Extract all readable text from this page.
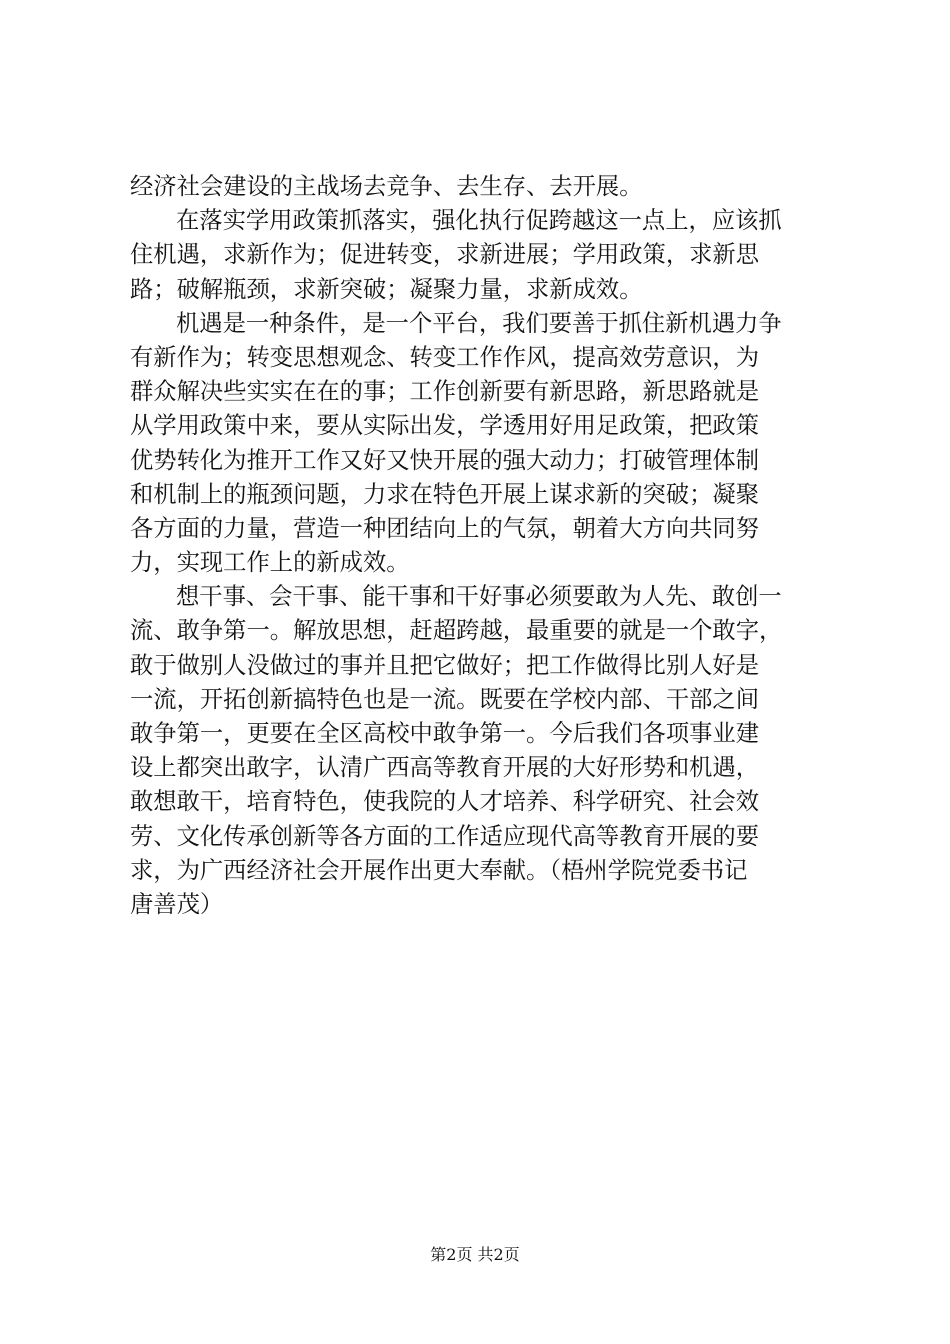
经济社会建设的主战场去竞争、去生存、去开展。
在落实学用政策抓落实，强化执行促跨越这一点上，应该抓
住机遇，求新作为；促进转变，求新进展；学用政策，求新思
路；破解瓶颈，求新突破；凝聚力量，求新成效。
机遇是一种条件，是一个平台，我们要善于抓住新机遇力争
有新作为；转变思想观念、转变工作作风，提高效劳意识，为
群众解决些实实在在的事；工作创新要有新思路，新思路就是
从学用政策中来，要从实际出发，学透用好用足政策，把政策
优势转化为推开工作又好又快开展的强大动力；打破管理体制
和机制上的瓶颈问题，力求在特色开展上谋求新的突破；凝聚
各方面的力量，营造一种团结向上的气氛，朝着大方向共同努
力，实现工作上的新成效。
想干事、会干事、能干事和干好事必须要敢为人先、敢创一
流、敢争第一。解放思想，赶超跨越，最重要的就是一个敢字，
敢于做别人没做过的事并且把它做好；把工作做得比别人好是
一流，开拓创新搞特色也是一流。既要在学校内部、干部之间
敢争第一，更要在全区高校中敢争第一。今后我们各项事业建
设上都突出敢字，认清广西高等教育开展的大好形势和机遇，
敢想敢干，培育特色，使我院的人才培养、科学研究、社会效
劳、文化传承创新等各方面的工作适应现代高等教育开展的要
求，为广西经济社会开展作出更大奉献。（梧州学院党委书记
唐善茂）
第2页 共2页
